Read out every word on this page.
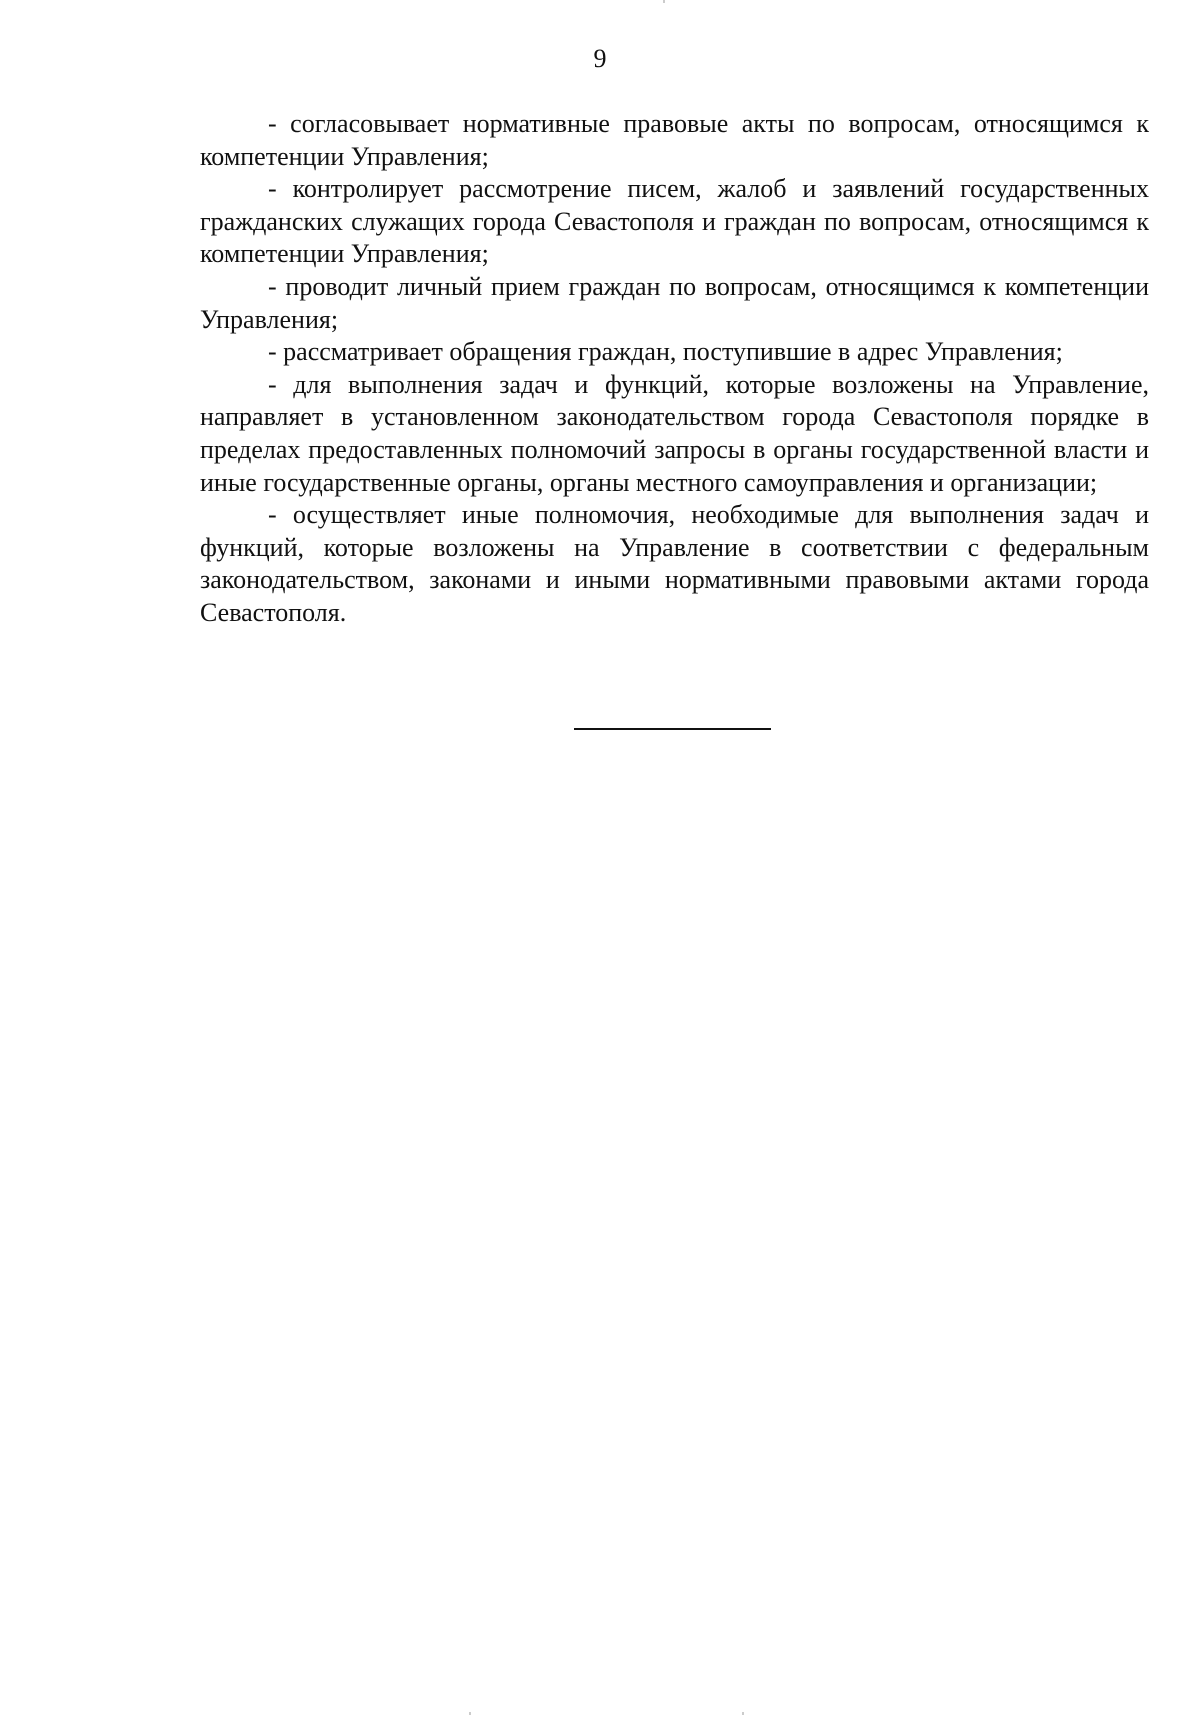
9

- согласовывает нормативные правовые акты по вопросам, относящимся к компетенции Управления;

- контролирует рассмотрение писем, жалоб и заявлений государственных гражданских служащих города Севастополя и граждан по вопросам, относящимся к компетенции Управления;

- проводит личный прием граждан по вопросам, относящимся к компетенции Управления;

- рассматривает обращения граждан, поступившие в адрес Управления;

- для выполнения задач и функций, которые возложены на Управление, направляет в установленном законодательством города Севастополя порядке в пределах предоставленных полномочий запросы в органы государственной власти и иные государственные органы, органы местного самоуправления и организации;

- осуществляет иные полномочия, необходимые для выполнения задач и функций, которые возложены на Управление в соответствии с федеральным законодательством, законами и иными нормативными правовыми актами города Севастополя.
